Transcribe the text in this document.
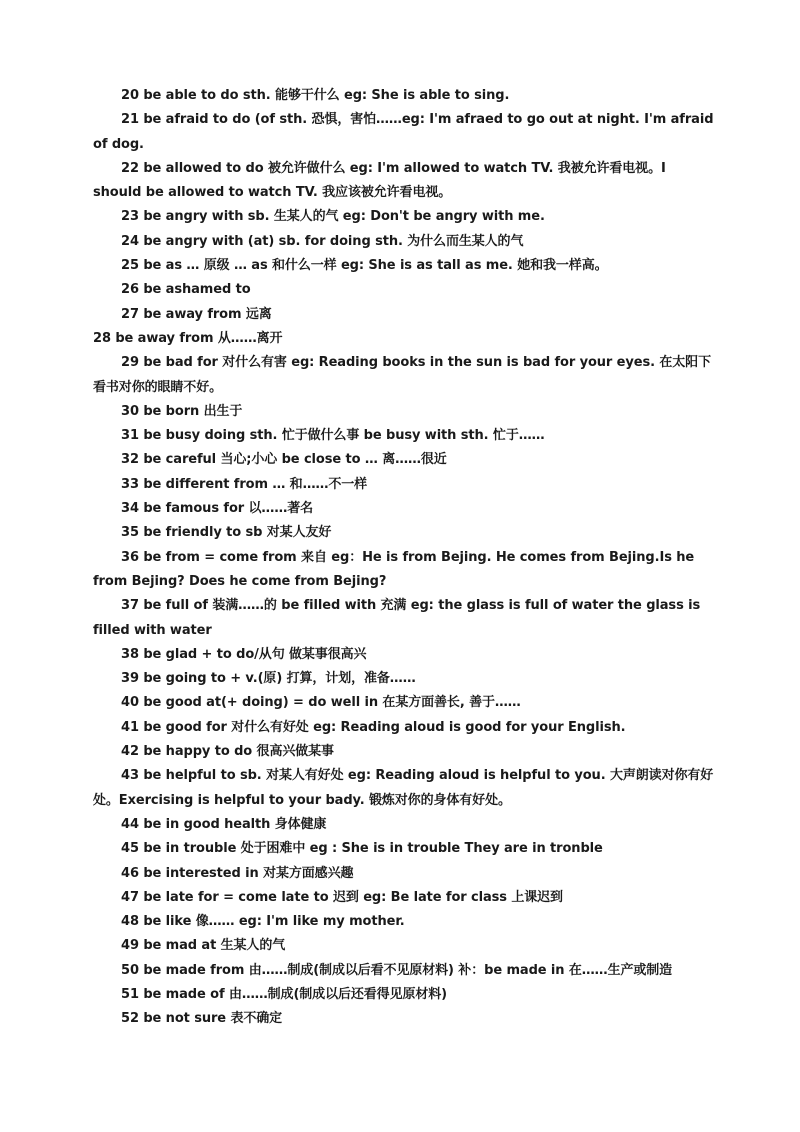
20 be able to do sth. 能够干什么 eg: She is able to sing.

21 be afraid to do (of sth. 恐惧，害怕……eg: I'm afraed to go out at night. I'm afraid of dog.

22 be allowed to do 被允许做什么 eg: I'm allowed to watch TV. 我被允许看电视。I should be allowed to watch TV. 我应该被允许看电视。

23 be angry with sb. 生某人的气 eg: Don't be angry with me.

24 be angry with (at) sb. for doing sth. 为什么而生某人的气

25 be as … 原级 … as 和什么一样 eg: She is as tall as me. 她和我一样高。

26 be ashamed to

27 be away from 远离

28 be away from 从……离开

29 be bad for 对什么有害 eg: Reading books in the sun is bad for your eyes. 在太阳下看书对你的眼睛不好。

30 be born 出生于

31 be busy doing sth. 忙于做什么事 be busy with sth. 忙于……

32 be careful 当心;小心 be close to … 离……很近

33 be different from … 和……不一样

34 be famous for 以……著名

35 be friendly to sb 对某人友好

36 be from = come from 来自 eg：He is from Bejing. He comes from Bejing.Is he from Bejing? Does he come from Bejing?

37 be full of 装满……的 be filled with 充满 eg: the glass is full of water the glass is filled with water

38 be glad + to do/从句 做某事很高兴

39 be going to + v.(原) 打算，计划，准备……

40 be good at(+ doing) = do well in 在某方面善长, 善于……

41 be good for 对什么有好处 eg: Reading aloud is good for your English.

42 be happy to do 很高兴做某事

43 be helpful to sb. 对某人有好处 eg: Reading aloud is helpful to you. 大声朗读对你有好处。Exercising is helpful to your bady. 锻炼对你的身体有好处。

44 be in good health 身体健康

45 be in trouble 处于困难中 eg : She is in trouble They are in tronble

46 be interested in 对某方面感兴趣

47 be late for = come late to 迟到 eg: Be late for class 上课迟到

48 be like 像…… eg: I'm like my mother.

49 be mad at 生某人的气

50 be made from 由……制成(制成以后看不见原材料) 补：be made in 在……生产或制造

51 be made of 由……制成(制成以后还看得见原材料)

52 be not sure 表不确定
